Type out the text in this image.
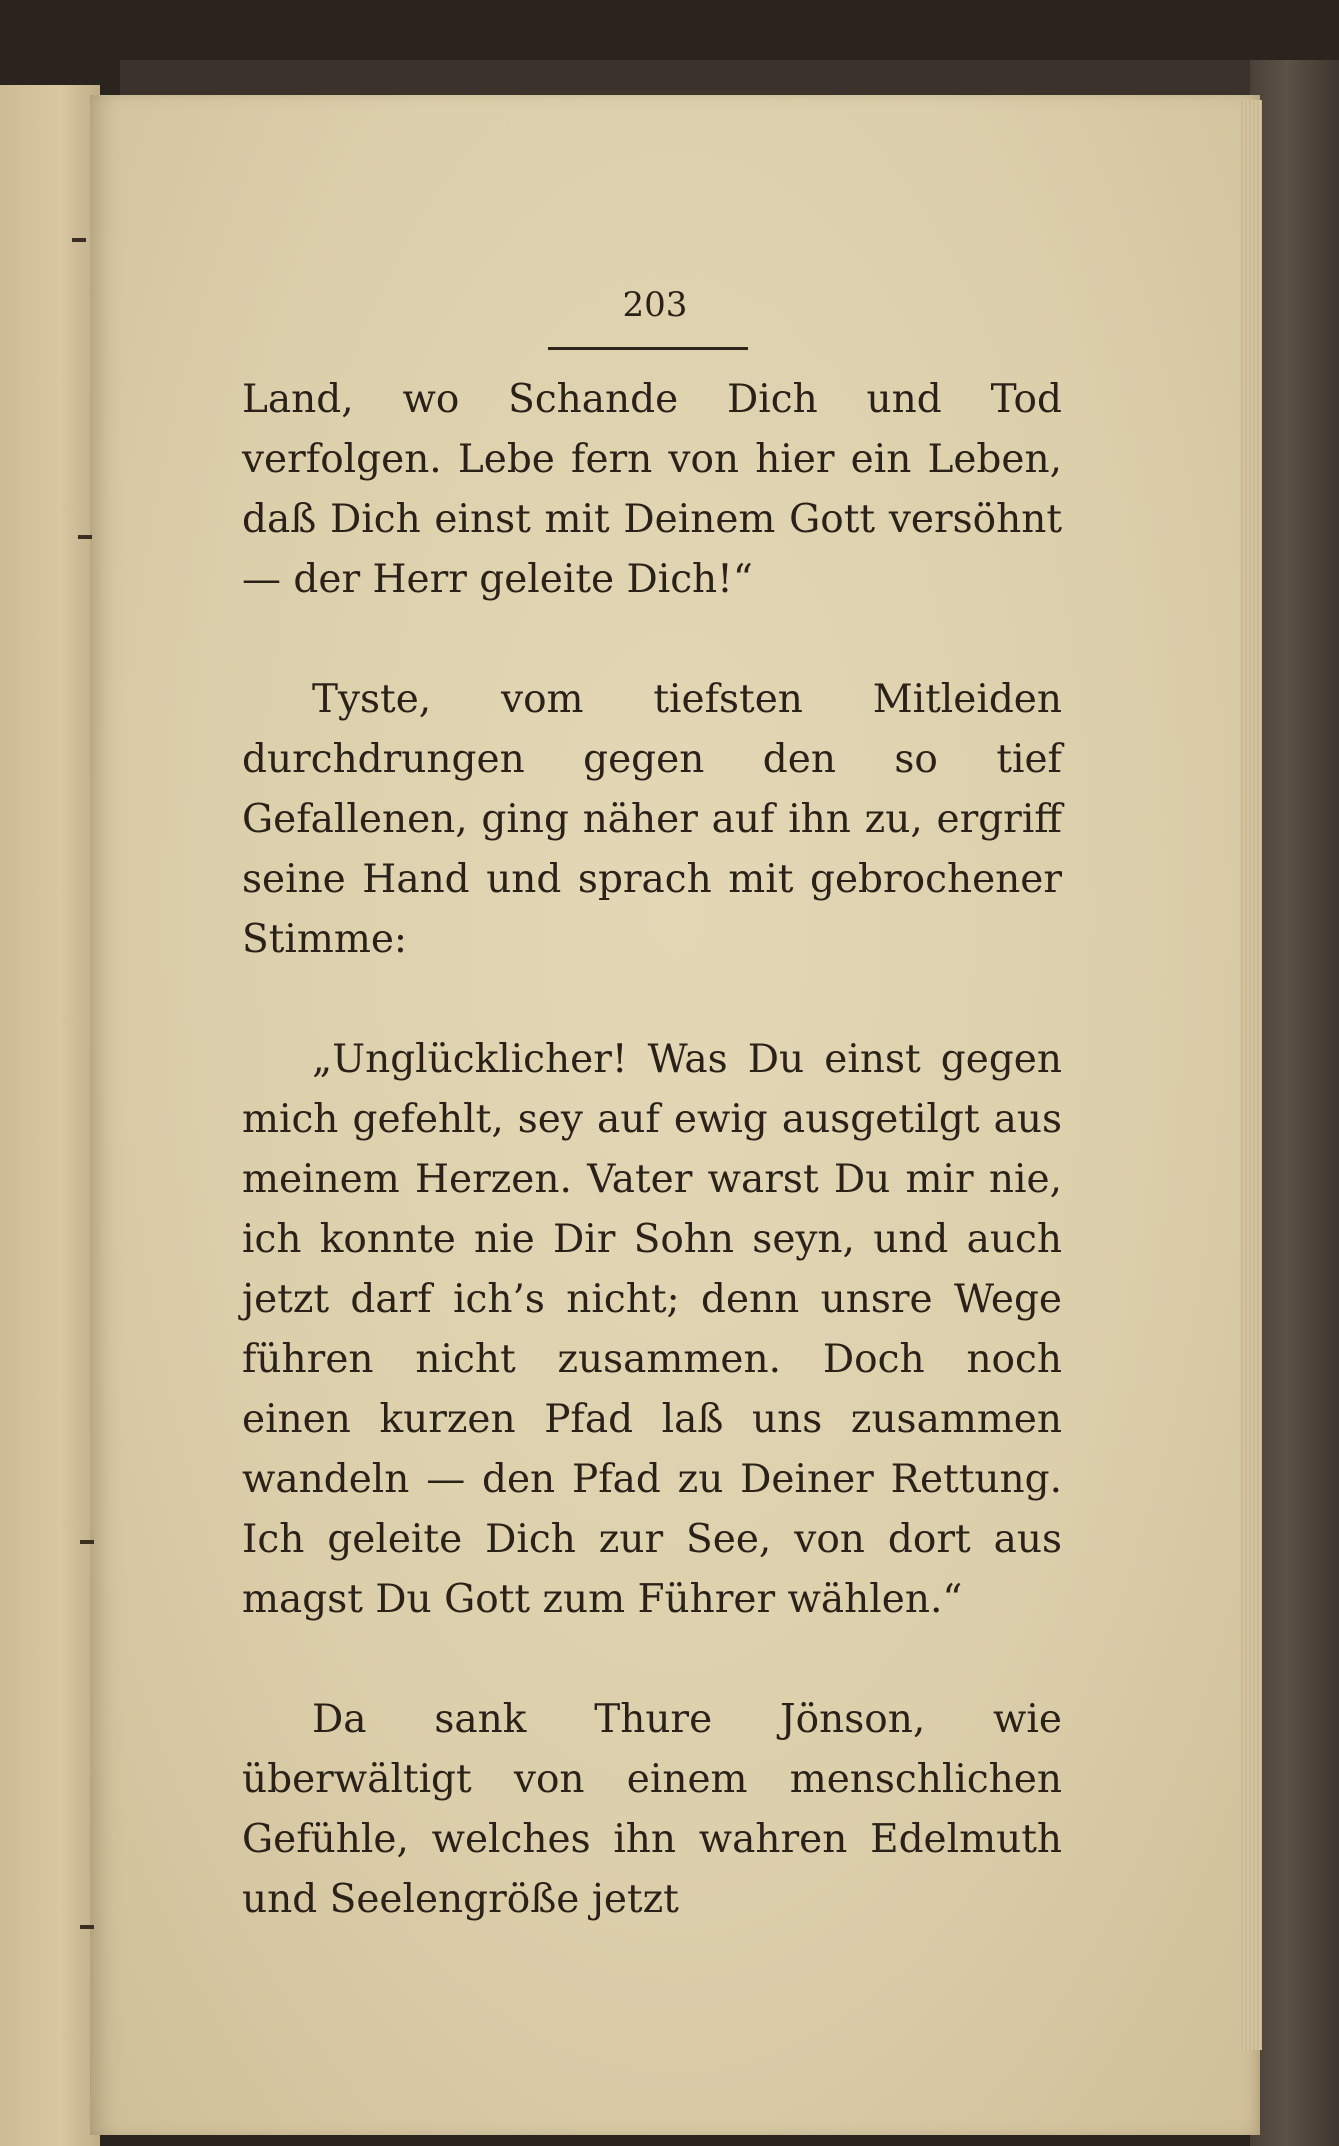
203

Land, wo Schande Dich und Tod verfolgen. Lebe fern von hier ein Leben, daß Dich einst mit Deinem Gott versöhnt — der Herr geleite Dich!“

Tyste, vom tiefsten Mitleiden durchdrungen gegen den so tief Gefallenen, ging näher auf ihn zu, ergriff seine Hand und sprach mit gebrochener Stimme:

„Unglücklicher! Was Du einst gegen mich gefehlt, sey auf ewig ausgetilgt aus meinem Herzen. Vater warst Du mir nie, ich konnte nie Dir Sohn seyn, und auch jetzt darf ich’s nicht; denn unsre Wege führen nicht zusammen. Doch noch einen kurzen Pfad laß uns zusammen wandeln — den Pfad zu Deiner Rettung. Ich geleite Dich zur See, von dort aus magst Du Gott zum Führer wählen.“

Da sank Thure Jönson, wie überwältigt von einem menschlichen Gefühle, welches ihn wahren Edelmuth und Seelengröße jetzt
